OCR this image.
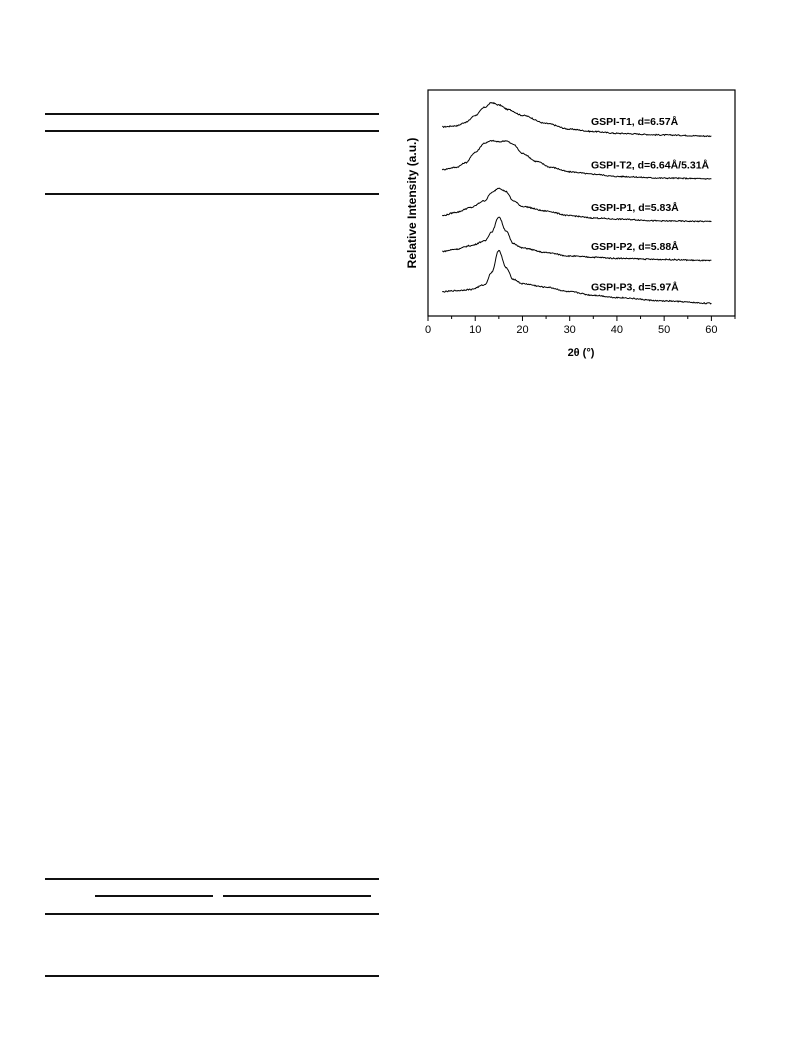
0	10	20	30	40	50	60
GSPI-T1, d=6.57Å
GSPI-T2, d=6.64Å/5.31Å
GSPI-P1, d=5.83Å
GSPI-P2, d=5.88Å
GSPI-P3, d=5.97Å
Relative Intensity (a.u.)
2θ (°)
